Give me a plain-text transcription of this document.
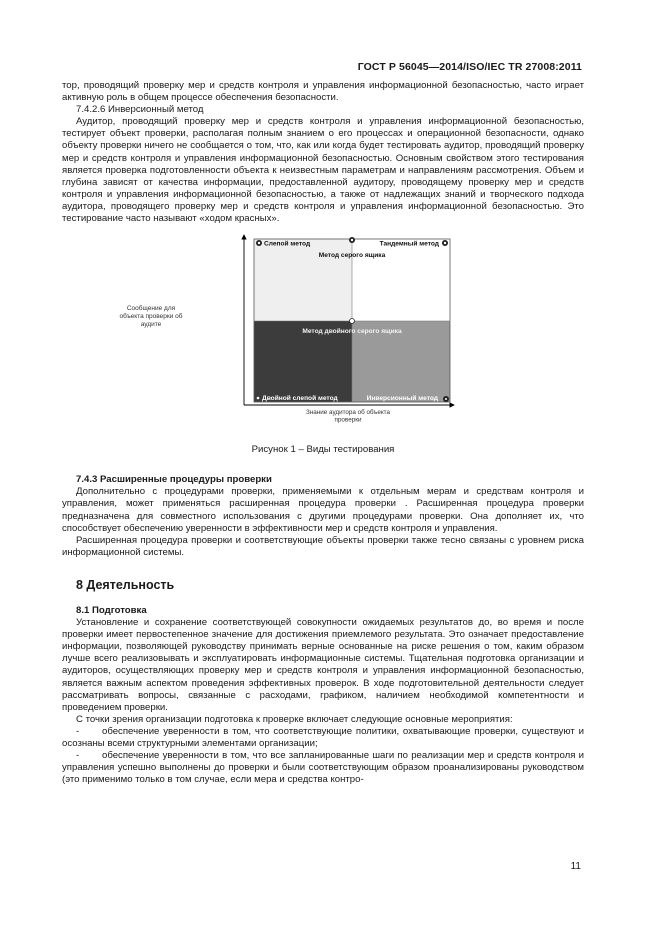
ГОСТ Р 56045—2014/ISO/IEC TR 27008:2011

тор, проводящий проверку мер и средств контроля и управления информационной безопасностью, часто играет активную роль в общем процессе обеспечения безопасности.

7.4.2.6 Инверсионный метод

Аудитор, проводящий проверку мер и средств контроля и управления информационной безопасностью, тестирует объект проверки, располагая полным знанием о его процессах и операционной безопасности, однако объекту проверки ничего не сообщается о том, что, как или когда будет тестировать аудитор, проводящий проверку мер и средств контроля и управления информационной безопасностью. Основным свойством этого тестирования является проверка подготовленности объекта к неизвестным параметрам и направлениям рассмотрения. Объем и глубина зависят от качества информации, предоставленной аудитору, проводящему проверку мер и средств контроля и управления информационной безопасностью, а также от надлежащих знаний и творческого подхода аудитора, проводящего проверку мер и средств контроля и управления информационной безопасностью. Это тестирование часто называют «ходом красных».

Слепой метод	Тандемный метод
Метод серого ящика
Метод двойного серого ящика
Двойной слепой метод	Инверсионный метод
Знание аудитора об объекта проверки

Рисунок 1 – Виды тестирования

7.4.3 Расширенные процедуры проверки

Дополнительно с процедурами проверки, применяемыми к отдельным мерам и средствам контроля и управления, может применяться расширенная процедура проверки . Расширенная процедура проверки предназначена для совместного использования с другими процедурами проверки. Она дополняет их, что способствует обеспечению уверенности в эффективности мер и средств контроля и управления.

Расширенная процедура проверки и соответствующие объекты проверки также тесно связаны с уровнем риска информационной системы.

8 Деятельность

8.1 Подготовка

Установление и сохранение соответствующей совокупности ожидаемых результатов до, во время и после проверки имеет первостепенное значение для достижения приемлемого результата. Это означает предоставление информации, позволяющей руководству принимать верные основанные на риске решения о том, каким образом лучше всего реализовывать и эксплуатировать информационные системы. Тщательная подготовка организации и аудиторов, осуществляющих проверку мер и средств контроля и управления информационной безопасностью, является важным аспектом проведения эффективных проверок. В ходе подготовительной деятельности следует рассматривать вопросы, связанные с расходами, графиком, наличием необходимой компетентности и проведением проверки.

С точки зрения организации подготовка к проверке включает следующие основные мероприятия:

- обеспечение уверенности в том, что соответствующие политики, охватывающие проверки, существуют и осознаны всеми структурными элементами организации;

- обеспечение уверенности в том, что все запланированные шаги по реализации мер и средств контроля и управления успешно выполнены до проверки и были соответствующим образом проанализированы руководством (это применимо только в том случае, если мера и средства контро-

Сообщение для объекта проверки об аудите
11
